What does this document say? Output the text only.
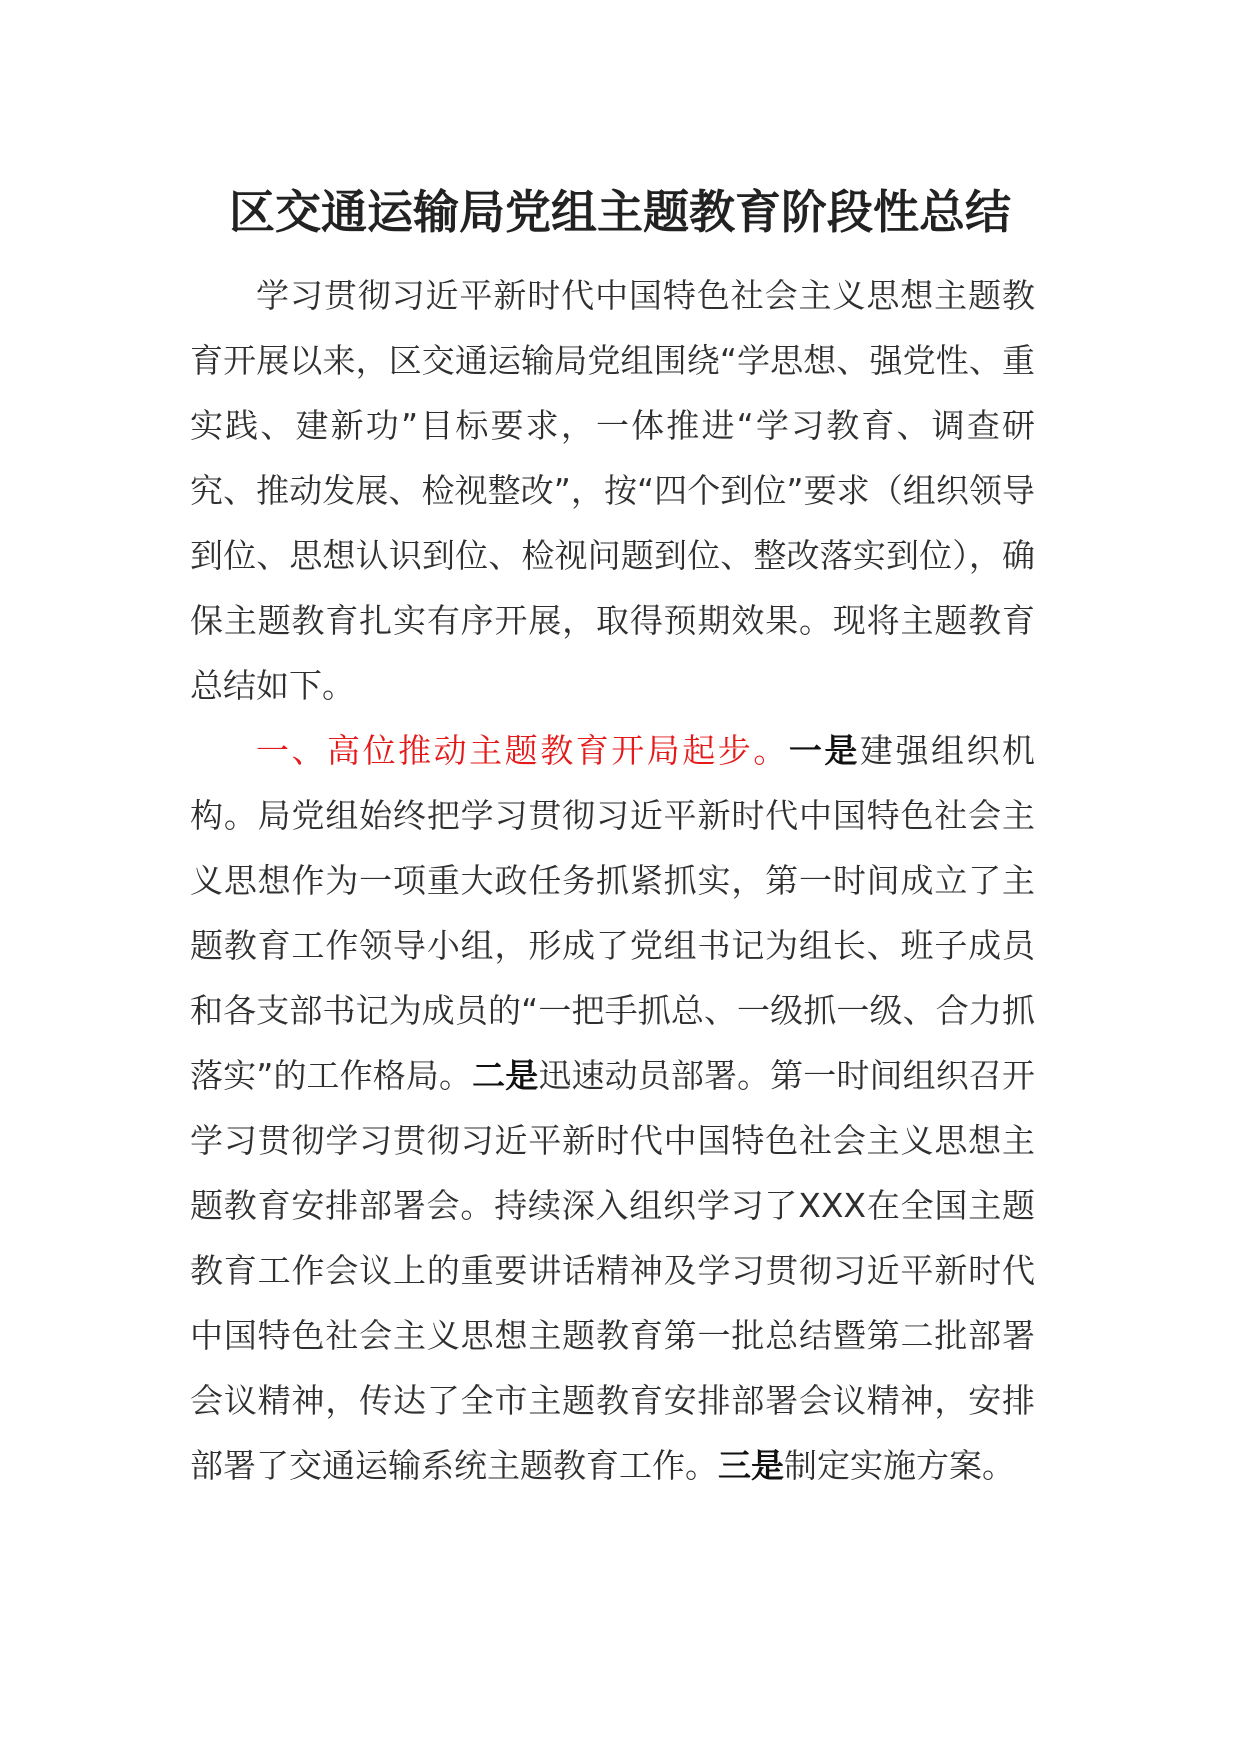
区交通运输局党组主题教育阶段性总结

学习贯彻习近平新时代中国特色社会主义思想主题教育开展以来，区交通运输局党组围绕“学思想、强党性、重实践、建新功”目标要求，一体推进“学习教育、调查研究、推动发展、检视整改”，按“四个到位”要求（组织领导到位、思想认识到位、检视问题到位、整改落实到位），确保主题教育扎实有序开展，取得预期效果。现将主题教育总结如下。

一、高位推动主题教育开局起步。一是建强组织机构。局党组始终把学习贯彻习近平新时代中国特色社会主义思想作为一项重大政任务抓紧抓实，第一时间成立了主题教育工作领导小组，形成了党组书记为组长、班子成员和各支部书记为成员的“一把手抓总、一级抓一级、合力抓落实”的工作格局。二是迅速动员部署。第一时间组织召开学习贯彻学习贯彻习近平新时代中国特色社会主义思想主题教育安排部署会。持续深入组织学习了XXX在全国主题教育工作会议上的重要讲话精神及学习贯彻习近平新时代中国特色社会主义思想主题教育第一批总结暨第二批部署会议精神，传达了全市主题教育安排部署会议精神，安排部署了交通运输系统主题教育工作。三是制定实施方案。
